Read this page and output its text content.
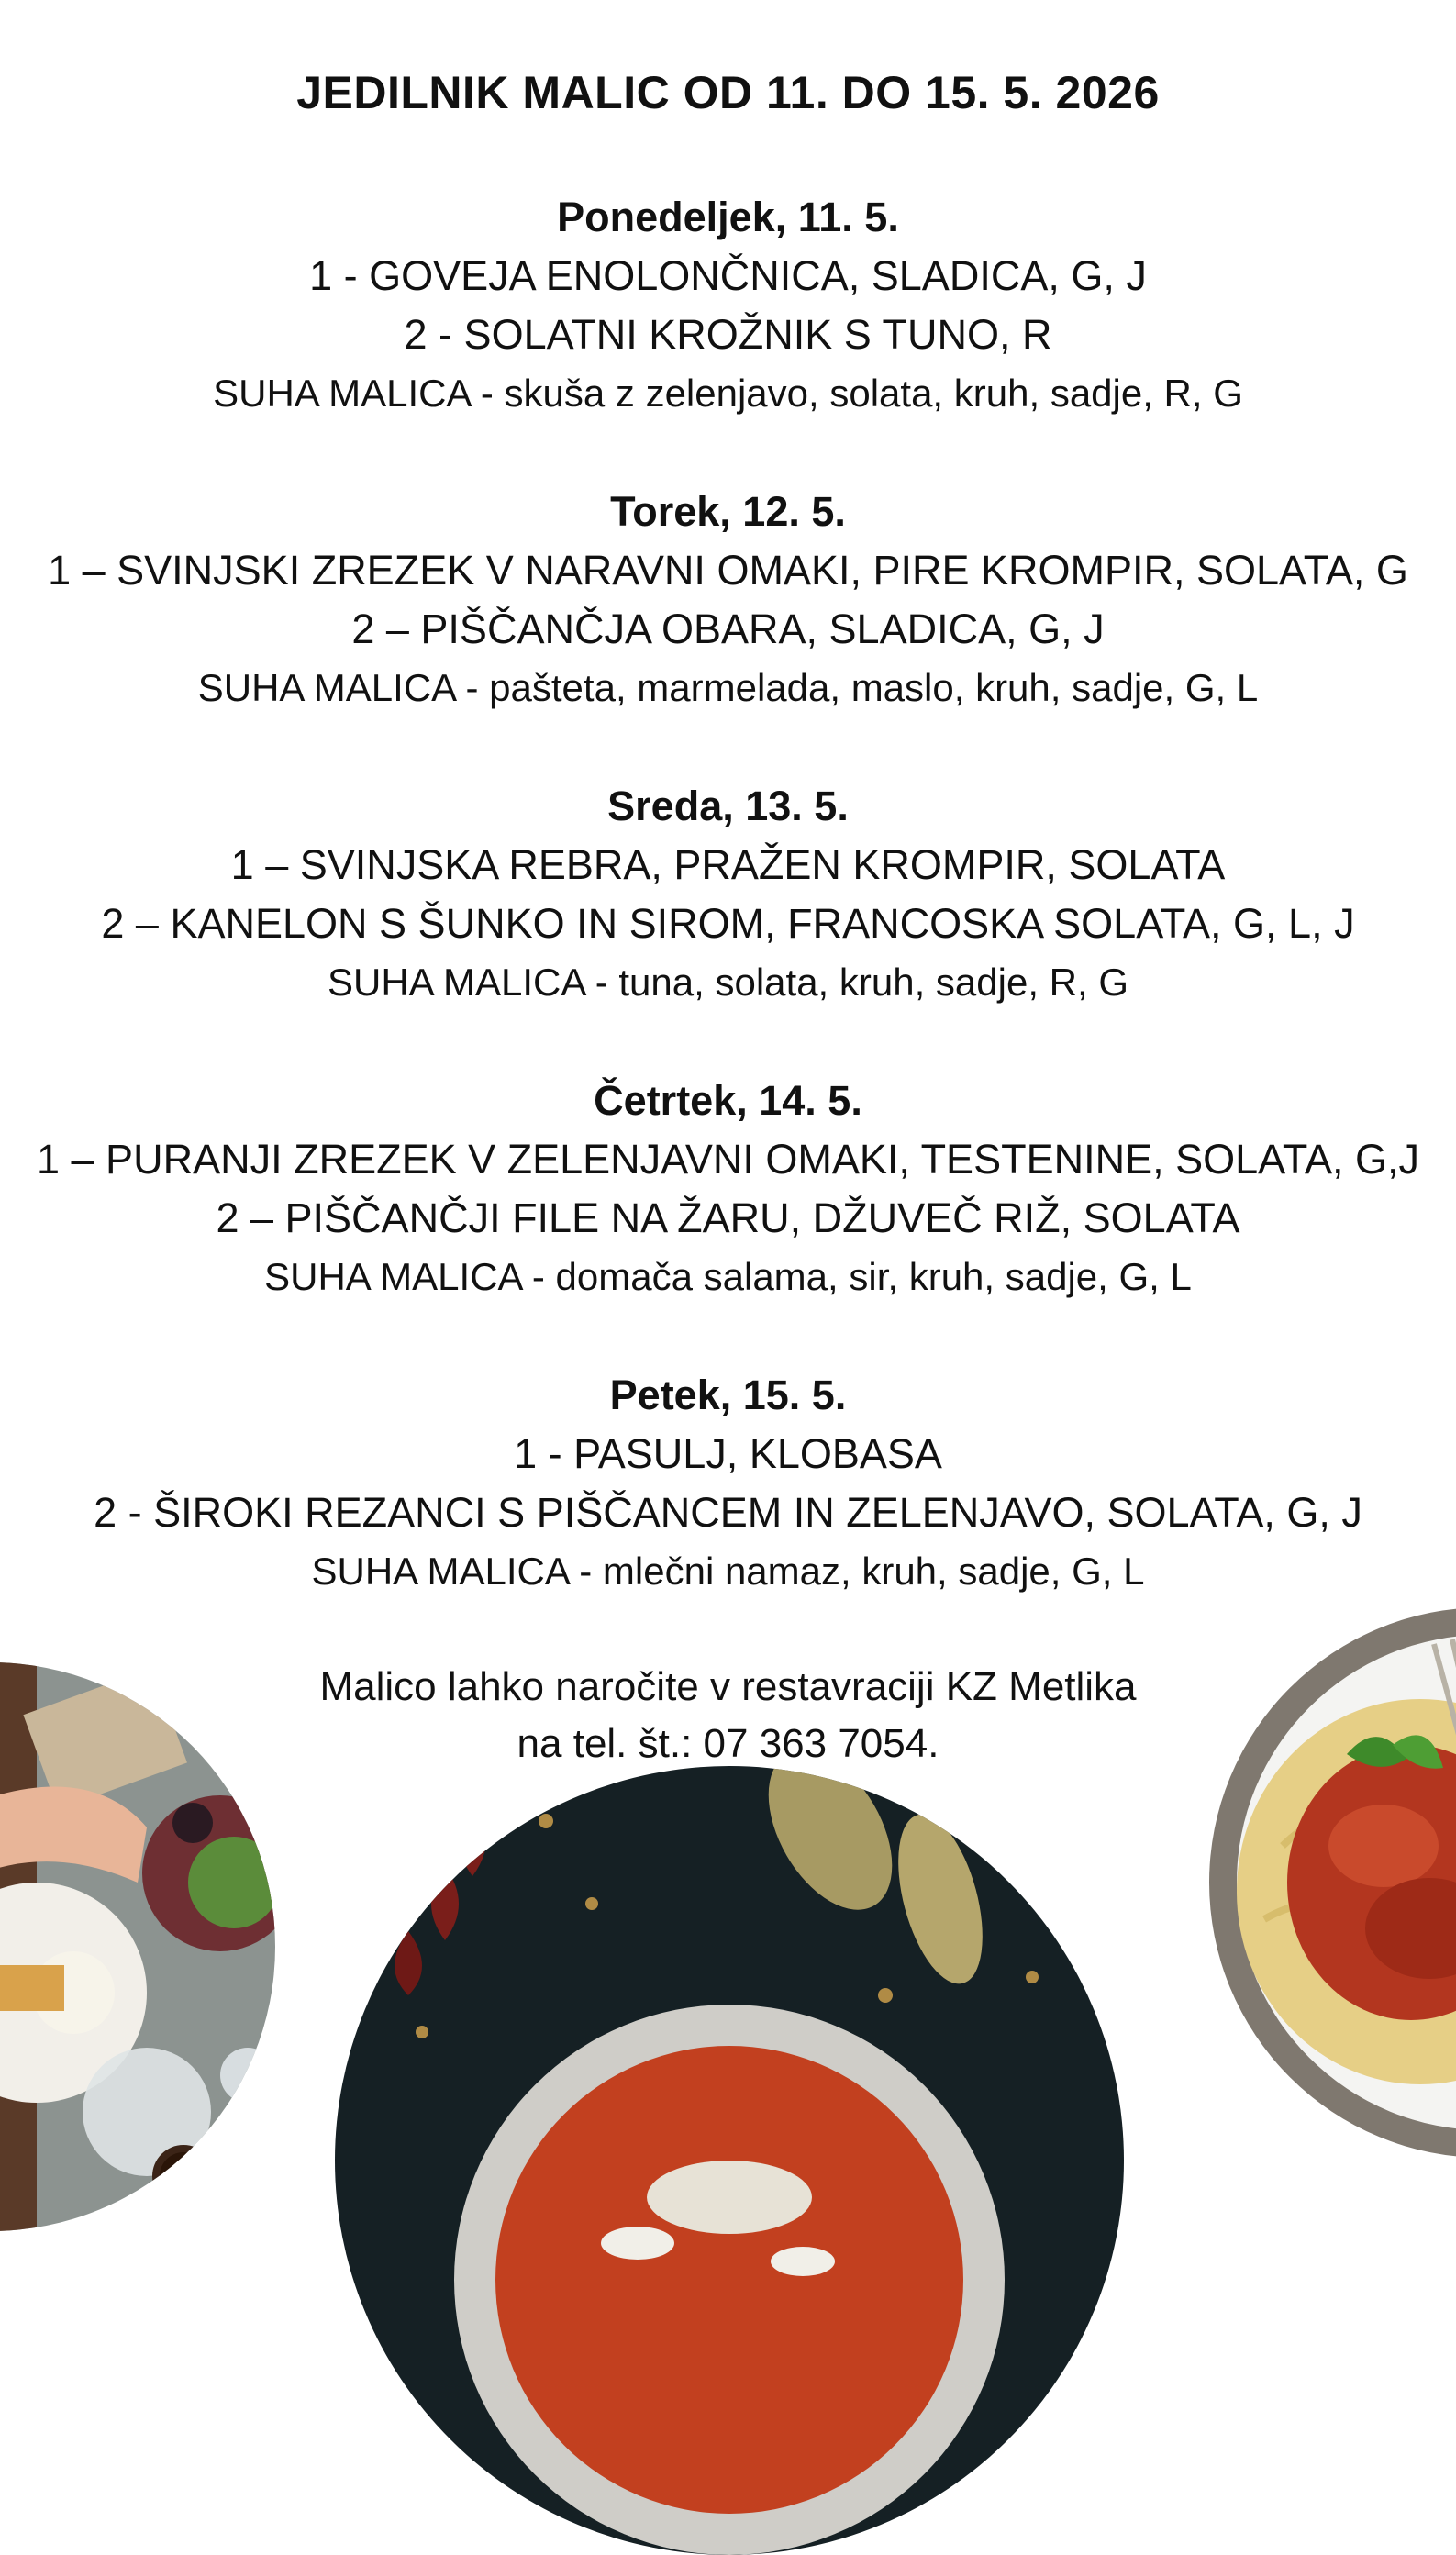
JEDILNIK MALIC OD 11. DO 15. 5. 2026
Ponedeljek, 11. 5.
1 - GOVEJA ENOLONČNICA, SLADICA, G, J
2 - SOLATNI KROŽNIK S TUNO, R
SUHA MALICA - skuša z zelenjavo, solata, kruh, sadje, R, G
Torek, 12. 5.
1 – SVINJSKI ZREZEK V NARAVNI OMAKI, PIRE KROMPIR, SOLATA, G
2 – PIŠČANČJA OBARA, SLADICA, G, J
SUHA MALICA - pašteta, marmelada, maslo, kruh, sadje, G, L
Sreda, 13. 5.
1 – SVINJSKA REBRA, PRAŽEN KROMPIR, SOLATA
2 – KANELON S ŠUNKO IN SIROM, FRANCOSKA SOLATA, G, L, J
SUHA MALICA - tuna, solata, kruh, sadje, R, G
Četrtek, 14. 5.
1 – PURANJI ZREZEK V ZELENJAVNI OMAKI, TESTENINE, SOLATA, G,J
2 – PIŠČANČJI FILE NA ŽARU, DŽUVEČ RIŽ, SOLATA
SUHA MALICA - domača salama, sir, kruh, sadje, G, L
Petek, 15. 5.
1 - PASULJ, KLOBASA
2 - ŠIROKI REZANCI S PIŠČANCEM IN ZELENJAVO, SOLATA, G, J
SUHA MALICA - mlečni namaz, kruh, sadje, G, L
Malico lahko naročite v restavraciji KZ Metlika
na tel. št.: 07 363 7054.
